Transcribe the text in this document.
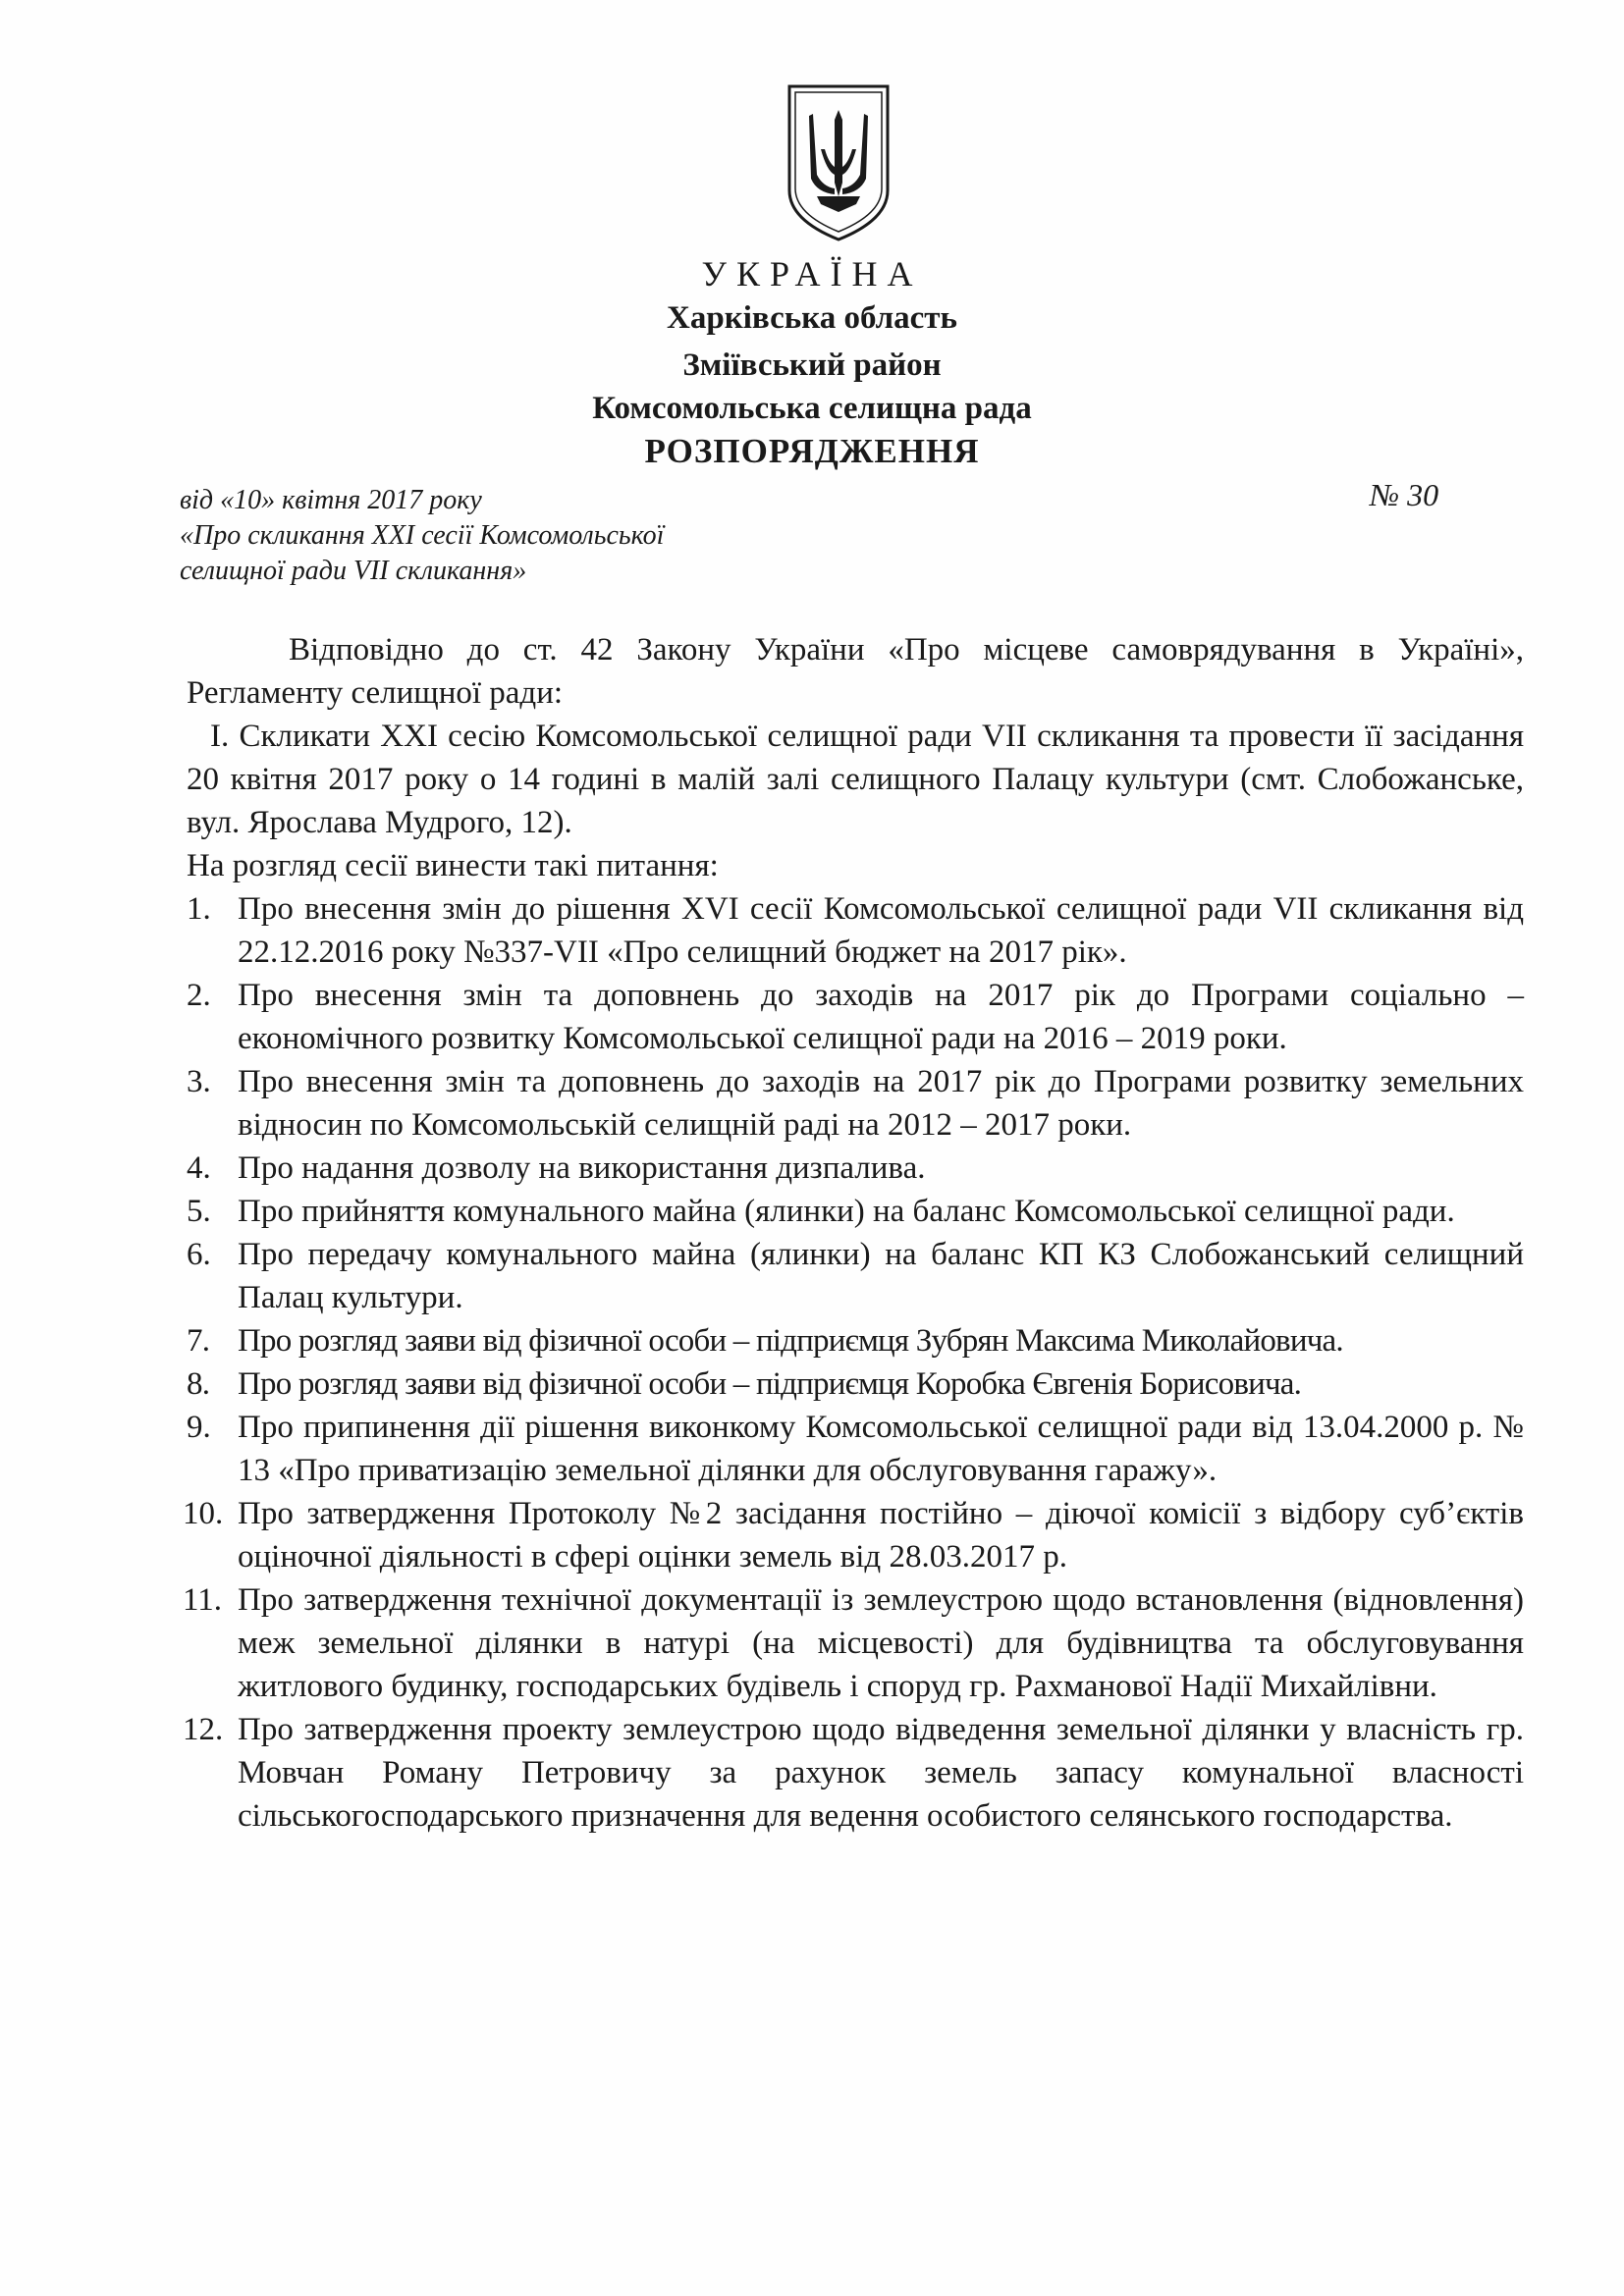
УКРАЇНА
Харківська область
Зміївський район
Комсомольська селищна рада
РОЗПОРЯДЖЕННЯ
від «10» квітня 2017 року
«Про скликання XXI сесії Комсомольської
селищної ради VII скликання»
№ 30

Відповідно до ст. 42 Закону України «Про місцеве самоврядування в Україні», Регламенту селищної ради:

І. Скликати XXI сесію Комсомольської селищної ради VII скликання та провести її засідання 20 квітня 2017 року о 14 годині в малій залі селищного Палацу культури (смт. Слобожанське, вул. Ярослава Мудрого, 12).

На розгляд сесії винести такі питання:

1. Про внесення змін до рішення XVI сесії Комсомольської селищної ради VII скликання від 22.12.2016 року №337-VII «Про селищний бюджет на 2017 рік».
2. Про внесення змін та доповнень до заходів на 2017 рік до Програми соціально – економічного розвитку Комсомольської селищної ради на 2016 – 2019 роки.
3. Про внесення змін та доповнень до заходів на 2017 рік до Програми розвитку земельних відносин по Комсомольській селищній раді на 2012 – 2017 роки.
4. Про надання дозволу на використання дизпалива.
5. Про прийняття комунального майна (ялинки) на баланс Комсомольської селищної ради.
6. Про передачу комунального майна (ялинки) на баланс КП КЗ Слобожанський селищний Палац культури.
7. Про розгляд заяви від фізичної особи – підприємця Зубрян Максима Миколайовича.
8. Про розгляд заяви від фізичної особи – підприємця Коробка Євгенія Борисовича.
9. Про припинення дії рішення виконкому Комсомольської селищної ради від 13.04.2000 р. № 13 «Про приватизацію земельної ділянки для обслуговування гаражу».
10. Про затвердження Протоколу №2 засідання постійно – діючої комісії з відбору суб’єктів оціночної діяльності в сфері оцінки земель від 28.03.2017 р.
11. Про затвердження технічної документації із землеустрою щодо встановлення (відновлення) меж земельної ділянки в натурі (на місцевості) для будівництва та обслуговування житлового будинку, господарських будівель і споруд гр. Рахманової Надії Михайлівни.
12. Про затвердження проекту землеустрою щодо відведення земельної ділянки у власність гр. Мовчан Роману Петровичу за рахунок земель запасу комунальної власності сільськогосподарського призначення для ведення особистого селянського господарства.
